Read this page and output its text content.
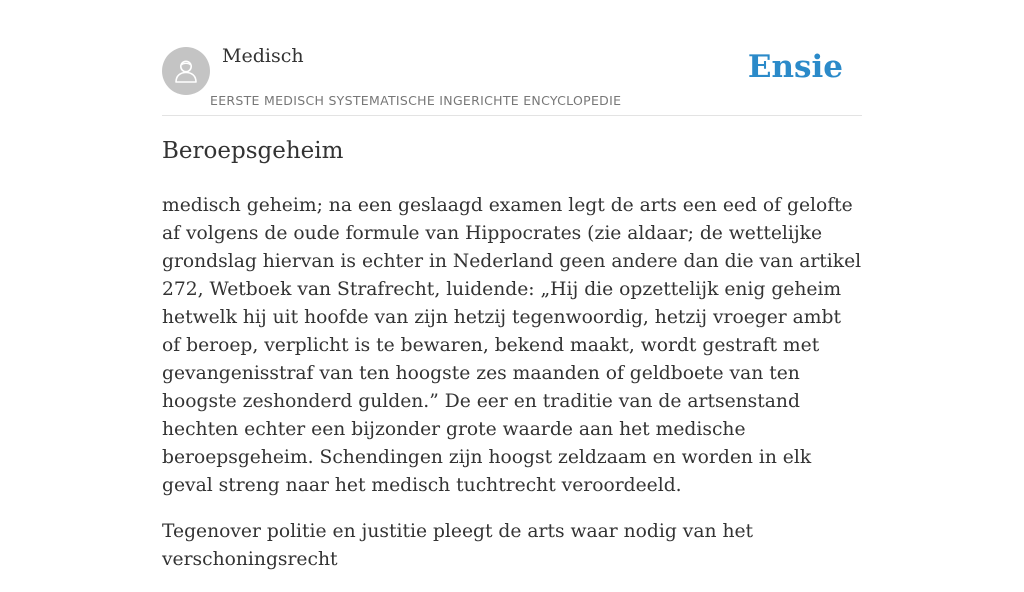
Medisch
EERSTE MEDISCH SYSTEMATISCHE INGERICHTE ENCYCLOPEDIE
Ensie
Beroepsgeheim

medisch geheim; na een geslaagd examen legt de arts een eed of gelofte af volgens de oude formule van Hippocrates (zie aldaar; de wettelijke grondslag hiervan is echter in Nederland geen andere dan die van artikel 272, Wetboek van Strafrecht, luidende: „Hij die opzettelijk enig geheim hetwelk hij uit hoofde van zijn hetzij tegenwoordig, hetzij vroeger ambt of beroep, verplicht is te bewaren, bekend maakt, wordt gestraft met gevangenisstraf van ten hoogste zes maanden of geldboete van ten hoogste zeshonderd gulden.” De eer en traditie van de artsenstand hechten echter een bijzonder grote waarde aan het medische beroepsgeheim. Schendingen zijn hoogst zeldzaam en worden in elk geval streng naar het medisch tuchtrecht veroordeeld.

Tegenover politie en justitie pleegt de arts waar nodig van het verschoningsrecht
